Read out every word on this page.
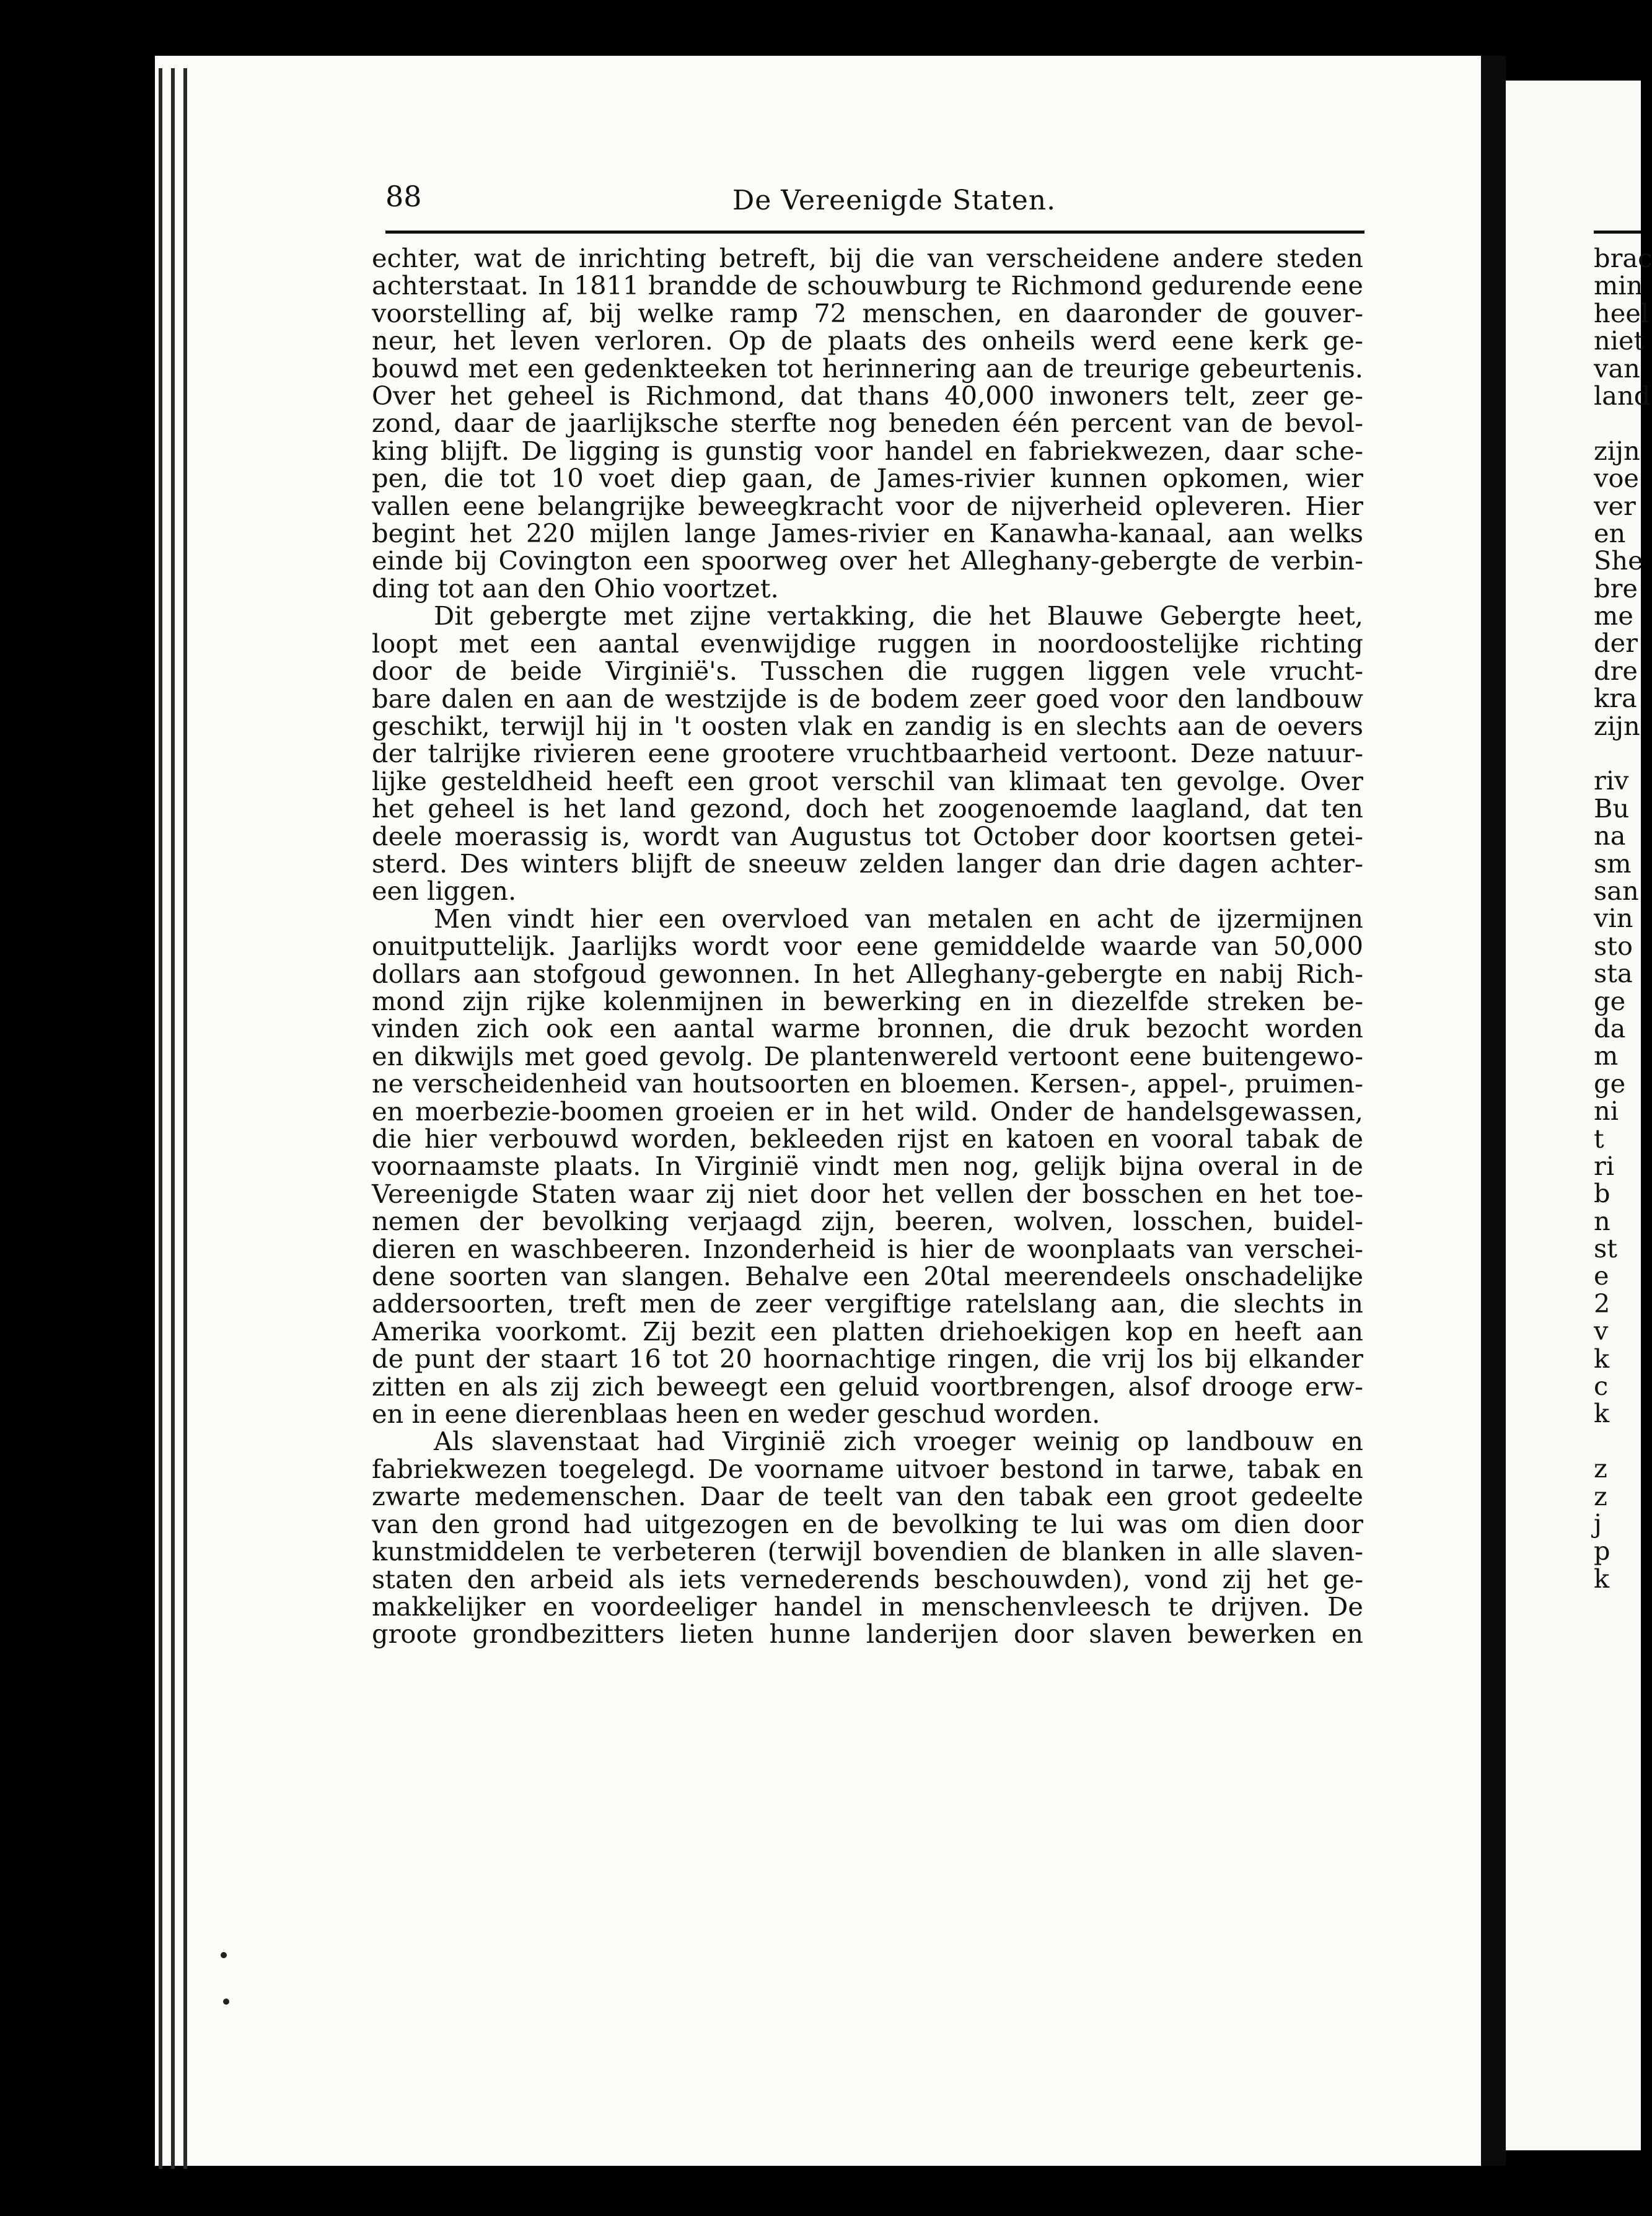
88	De Vereenigde Staten.

echter, wat de inrichting betreft, bij die van verscheidene andere steden
achterstaat. In 1811 brandde de schouwburg te Richmond gedurende eene
voorstelling af, bij welke ramp 72 menschen, en daaronder de gouver-
neur, het leven verloren. Op de plaats des onheils werd eene kerk ge-
bouwd met een gedenkteeken tot herinnering aan de treurige gebeurtenis.
Over het geheel is Richmond, dat thans 40,000 inwoners telt, zeer ge-
zond, daar de jaarlijksche sterfte nog beneden één percent van de bevol-
king blijft. De ligging is gunstig voor handel en fabriekwezen, daar sche-
pen, die tot 10 voet diep gaan, de James-rivier kunnen opkomen, wier
vallen eene belangrijke beweegkracht voor de nijverheid opleveren. Hier
begint het 220 mijlen lange James-rivier en Kanawha-kanaal, aan welks
einde bij Covington een spoorweg over het Alleghany-gebergte de verbin-
ding tot aan den Ohio voortzet.

Dit gebergte met zijne vertakking, die het Blauwe Gebergte heet,
loopt met een aantal evenwijdige ruggen in noordoostelijke richting
door de beide Virginië's. Tusschen die ruggen liggen vele vrucht-
bare dalen en aan de westzijde is de bodem zeer goed voor den landbouw
geschikt, terwijl hij in 't oosten vlak en zandig is en slechts aan de oevers
der talrijke rivieren eene grootere vruchtbaarheid vertoont. Deze natuur-
lijke gesteldheid heeft een groot verschil van klimaat ten gevolge. Over
het geheel is het land gezond, doch het zoogenoemde laagland, dat ten
deele moerassig is, wordt van Augustus tot October door koortsen getei-
sterd. Des winters blijft de sneeuw zelden langer dan drie dagen achter-
een liggen.

Men vindt hier een overvloed van metalen en acht de ijzermijnen
onuitputtelijk. Jaarlijks wordt voor eene gemiddelde waarde van 50,000
dollars aan stofgoud gewonnen. In het Alleghany-gebergte en nabij Rich-
mond zijn rijke kolenmijnen in bewerking en in diezelfde streken be-
vinden zich ook een aantal warme bronnen, die druk bezocht worden
en dikwijls met goed gevolg. De plantenwereld vertoont eene buitengewo-
ne verscheidenheid van houtsoorten en bloemen. Kersen-, appel-, pruimen-
en moerbezie-boomen groeien er in het wild. Onder de handelsgewassen,
die hier verbouwd worden, bekleeden rijst en katoen en vooral tabak de
voornaamste plaats. In Virginië vindt men nog, gelijk bijna overal in de
Vereenigde Staten waar zij niet door het vellen der bosschen en het toe-
nemen der bevolking verjaagd zijn, beeren, wolven, losschen, buidel-
dieren en waschbeeren. Inzonderheid is hier de woonplaats van verschei-
dene soorten van slangen. Behalve een 20tal meerendeels onschadelijke
addersoorten, treft men de zeer vergiftige ratelslang aan, die slechts in
Amerika voorkomt. Zij bezit een platten driehoekigen kop en heeft aan
de punt der staart 16 tot 20 hoornachtige ringen, die vrij los bij elkander
zitten en als zij zich beweegt een geluid voortbrengen, alsof drooge erw-
en in eene dierenblaas heen en weder geschud worden.

Als slavenstaat had Virginië zich vroeger weinig op landbouw en
fabriekwezen toegelegd. De voorname uitvoer bestond in tarwe, tabak en
zwarte medemenschen. Daar de teelt van den tabak een groot gedeelte
van den grond had uitgezogen en de bevolking te lui was om dien door
kunstmiddelen te verbeteren (terwijl bovendien de blanken in alle slaven-
staten den arbeid als iets vernederends beschouwden), vond zij het ge-
makkelijker en voordeeliger handel in menschenvleesch te drijven. De
groote grondbezitters lieten hunne landerijen door slaven bewerken en

brac
min
heel
niet
van
land
zijn
voe
ver
en
She
bre
me
der
dre
kra
zijn
riv
Bu
na
sm
san
vin
sto
sta
ge
da
m
ge
ni
t
ri
b
n
st
e
2
v
k
c
k
z
z
j
p
k
